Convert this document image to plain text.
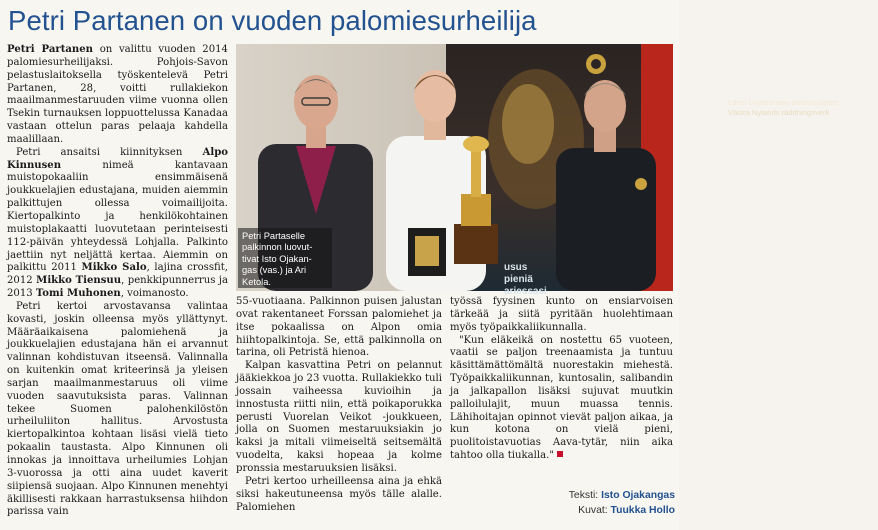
Petri Partanen on vuoden palomiesurheilija

Petri Partanen on valittu vuoden 2014 palomiesurheilijaksi. Pohjois-Savon pelastuslaitoksella työskentelevä Petri Partanen, 28, voitti rullakiekon maailmanmestaruuden viime vuonna ollen Tsekin turnauksen loppuottelussa Kanadaa vastaan ottelun paras pelaaja kahdella maalillaan.

Petri ansaitsi kiinnityksen Alpo Kinnusen nimeä kantavaan muistopokaaliin ensimmäisenä joukkuelajien edustajana, muiden aiemmin palkittujen ollessa voimailijoita. Kiertopalkinto ja henkilökohtainen muistoplakaatti luovutetaan perinteisesti 112-päivän yhteydessä Lohjalla. Palkinto jaettiin nyt neljättä kertaa. Aiemmin on palkittu 2011 Mikko Salo, lajina crossfit, 2012 Mikko Tiensuu, penkkipunnerrus ja 2013 Tomi Muhonen, voimanosto.

Petri kertoi arvostavansa valintaa kovasti, joskin olleensa myös yllättynyt. Määräaikaisena palomiehenä ja joukkuelajien edustajana hän ei arvannut valinnan kohdistuvan itseensä. Valinnalla on kuitenkin omat kriteerinsä ja yleisen sarjan maailmanmestaruus oli viime vuoden saavutuksista paras. Valinnan tekee Suomen palohenkilöstön urheiluliiton hallitus. Arvostusta kiertopalkintoa kohtaan lisäsi vielä tieto pokaalin taustasta. Alpo Kinnunen oli innokas ja innoittava urheilumies Lohjan 3-vuorossa ja otti aina uudet kaverit siipiensä suojaan. Alpo Kinnunen menehtyi äkillisesti rakkaan harrastuksensa hiihdon parissa vain

Länsi-Uudenmaan pelastuslaitos
Västra Nylands räddningsverk
usus
pieniä
ariessasi
Petri Partaselle
palkinnon luovut-
tivat Isto Ojakan-
gas (vas.) ja Ari
Ketola.

55-vuotiaana. Palkinnon puisen jalustan ovat rakentaneet Forssan palomiehet ja itse pokaalissa on Alpon omia hiihtopalkintoja. Se, että palkinnolla on tarina, oli Petristä hienoa.

Kalpan kasvattina Petri on pelannut jääkiekkoa jo 23 vuotta. Rullakiekko tuli jossain vaiheessa kuvioihin ja innostusta riitti niin, että poikaporukka perusti Vuorelan Veikot -joukkueen, jolla on Suomen mestaruuksiakin jo kaksi ja mitali viimeiseltä seitsemältä vuodelta, kaksi hopeaa ja kolme pronssia mestaruuksien lisäksi.

Petri kertoo urheilleensa aina ja ehkä siksi hakeutuneensa myös tälle alalle. Palomiehen

työssä fyysinen kunto on ensiarvoisen tärkeää ja siitä pyritään huolehtimaan myös työpaikkaliikunnalla.

"Kun eläkeikä on nostettu 65 vuoteen, vaatii se paljon treenaamista ja tuntuu käsittämättömältä nuorestakin miehestä. Työpaikkaliikunnan, kuntosalin, salibandin ja jalkapallon lisäksi sujuvat muutkin palloilulajit, muun muassa tennis. Lähihoitajan opinnot vievät paljon aikaa, ja kun kotona on vielä pieni, puolitoistavuotias Aava-tytär, niin aika tahtoo olla tiukalla."

Teksti: Isto Ojakangas
Kuvat: Tuukka Hollo
